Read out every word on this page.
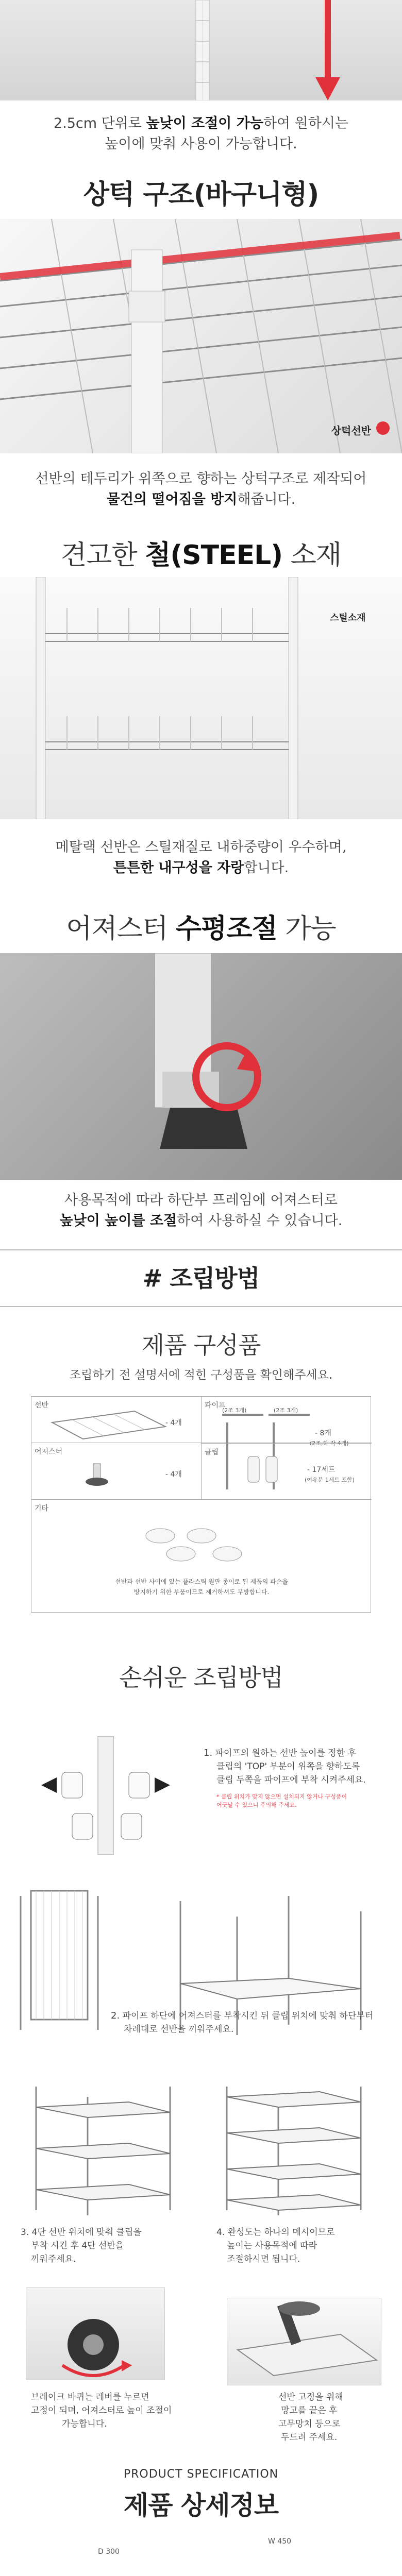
2.5cm 단위로 높낮이 조절이 가능하여 원하시는

높이에 맞춰 사용이 가능합니다.

상턱 구조(바구니형)
상턱선반

선반의 테두리가 위쪽으로 향하는 상턱구조로 제작되어

물건의 떨어짐을 방지해줍니다.

견고한 철(STEEL) 소재
스틸소재

메탈랙 선반은 스틸재질로 내하중량이 우수하며,

튼튼한 내구성을 자랑합니다.

어져스터 수평조절 가능

사용목적에 따라 하단부 프레임에 어져스터로

높낮이 높이를 조절하여 사용하실 수 있습니다.

# 조립방법
제품 구성품

조립하기 전 설명서에 적힌 구성품을 확인해주세요.

선반
- 4개
파이프
(2조 3개)	(2조 3개)
- 8개
(2조,하 각 4개)
어져스터
- 4개
클립
- 17세트
(여유분 1세트 포함)
기타

선반과 선반 사이에 있는 플라스틱 원판 종이로 된 제품의 파손을

방지하기 위한 부품이므로 제거하셔도 무방합니다.

손쉬운 조립방법
1. 파이프의 원하는 선반 높이를 정한 후
클립의 'TOP' 부분이 위쪽을 향하도록
클립 두쪽을 파이프에 부착 시켜주세요.
* 클립 위치가 맞지 않으면 설치되지 않거나 구성품이
어긋날 수 있으니 주의해 주세요.
2. 파이프 하단에 어져스터를 부착시킨 뒤 클립 위치에 맞춰 하단부터
차례대로 선반을 끼워주세요.
3. 4단 선반 위치에 맞춰 클립을
부착 시킨 후 4단 선반을
끼워주세요.
4. 완성도는 하나의 메시이므로
높이는 사용목적에 따라
조절하시면 됩니다.
브레이크 바퀴는 레버를 누르면
고정이 되며, 어져스터로 높이 조절이
가능합니다.
선반 고정을 위해
망고를 끝은 후
고무망치 등으로
두드려 주세요.

PRODUCT SPECIFICATION

제품 상세정보
D 300
W 450
